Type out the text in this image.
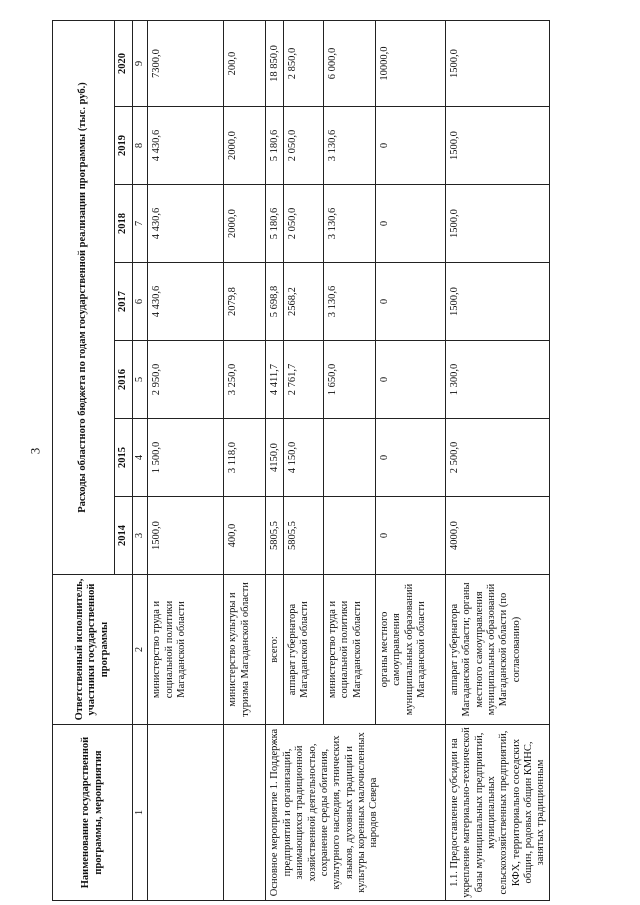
3
Наименование государственной программы, мероприятия	Ответственный исполнитель, участники государственной программы	Расходы областного бюджета по годам государственной реализации программы (тыс. руб.)						
		2014	2015	2016	2017	2018	2019	2020
1	2	3	4	5	6	7	8	9
	министерство труда и социальной политики Магаданской области	1500,0	1 500,0	2 950,0	4 430,6	4 430,6	4 430,6	7300,0
	министерство культуры и туризма Магаданской области	400,0	3 118,0	3 250,0	2079,8	2000,0	2000,0	200,0
Основное мероприятие 1. Поддержка предприятий и организаций, занимающихся традиционной хозяйственной деятельностью, сохранение среды обитания, культурного наследия, этнических языков, духовных традиций и культуры коренных малочисленных народов Севера	всего:	5805,5	4150,0	4 411,7	5 698,8	5 180,6	5 180,6	18 850,0
	аппарат губернатора Магаданской области	5805,5	4 150,0	2 761,7	2568,2	2 050,0	2 050,0	2 850,0
	министерство труда и социальной политики Магаданской области			1 650,0	3 130,6	3 130,6	3 130,6	6 000,0
	органы местного самоуправления муниципальных образований Магаданской области	0	0	0	0	0	0	10000,0
1.1. Предоставление субсидии на укрепление материально-технической базы муниципальных предприятий, муниципальных сельскохозяйственных предприятий, КФХ, территориально соседских общин, родовых общин КМНС, занятых традиционным	аппарат губернатора Магаданской области; органы местного самоуправления муниципальных образований Магаданской области (по согласованию)	4000,0	2 500,0	1 300,0	1500,0	1500,0	1500,0	1500,0
